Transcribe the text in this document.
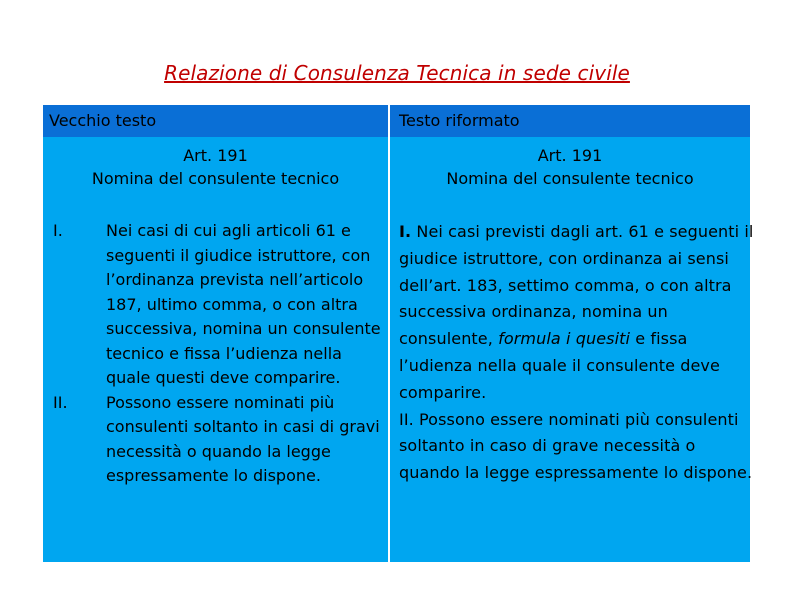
Relazione di Consulenza Tecnica in sede civile
Vecchio testo	Testo riformato
Art. 191
Nomina del consulente tecnico
I.	Nei casi di cui agli articoli 61 e seguenti il giudice istruttore, con l’ordinanza prevista nell’articolo 187, ultimo comma, o con altra successiva, nomina un consulente tecnico e fissa l’udienza nella quale questi deve comparire.
II. Possono essere nominati più consulenti soltanto in casi di gravi necessità o quando la legge espressamente lo dispone.
Art. 191
Nomina del consulente tecnico
I. Nei casi previsti dagli art. 61 e seguenti il giudice istruttore, con ordinanza ai sensi dell’art. 183, settimo comma, o con altra successiva ordinanza, nomina un consulente, formula i quesiti e fissa l’udienza nella quale il consulente deve comparire.
II. Possono essere nominati più consulenti soltanto in caso di grave necessità o quando la legge espressamente lo dispone.
